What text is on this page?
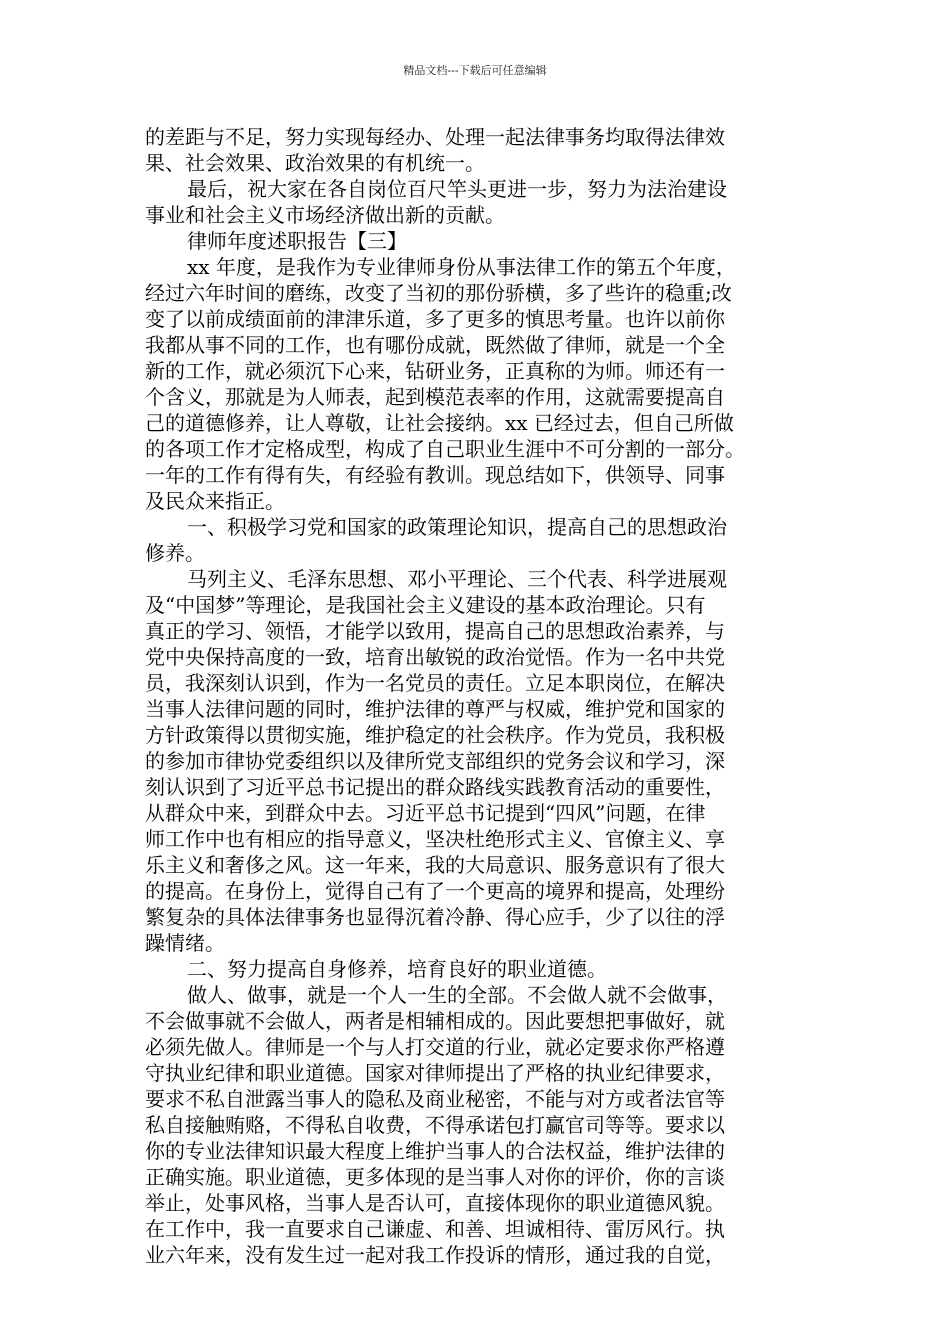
精品文档---下载后可任意编辑
的差距与不足，努力实现每经办、处理一起法律事务均取得法律效
果、社会效果、政治效果的有机统一。
最后，祝大家在各自岗位百尺竿头更进一步，努力为法治建设
事业和社会主义市场经济做出新的贡献。
律师年度述职报告【三】
xx 年度，是我作为专业律师身份从事法律工作的第五个年度，
经过六年时间的磨练，改变了当初的那份骄横，多了些许的稳重;改
变了以前成绩面前的津津乐道，多了更多的慎思考量。也许以前你
我都从事不同的工作，也有哪份成就，既然做了律师，就是一个全
新的工作，就必须沉下心来，钻研业务，正真称的为师。师还有一
个含义，那就是为人师表，起到模范表率的作用，这就需要提高自
己的道德修养，让人尊敬，让社会接纳。xx 已经过去，但自己所做
的各项工作才定格成型，构成了自己职业生涯中不可分割的一部分。
一年的工作有得有失，有经验有教训。现总结如下，供领导、同事
及民众来指正。
一、积极学习党和国家的政策理论知识，提高自己的思想政治
修养。
马列主义、毛泽东思想、邓小平理论、三个代表、科学进展观
及“中国梦”等理论，是我国社会主义建设的基本政治理论。只有
真正的学习、领悟，才能学以致用，提高自己的思想政治素养，与
党中央保持高度的一致，培育出敏锐的政治觉悟。作为一名中共党
员，我深刻认识到，作为一名党员的责任。立足本职岗位，在解决
当事人法律问题的同时，维护法律的尊严与权威，维护党和国家的
方针政策得以贯彻实施，维护稳定的社会秩序。作为党员，我积极
的参加市律协党委组织以及律所党支部组织的党务会议和学习，深
刻认识到了习近平总书记提出的群众路线实践教育活动的重要性，
从群众中来，到群众中去。习近平总书记提到“四风”问题，在律
师工作中也有相应的指导意义，坚决杜绝形式主义、官僚主义、享
乐主义和奢侈之风。这一年来，我的大局意识、服务意识有了很大
的提高。在身份上，觉得自己有了一个更高的境界和提高，处理纷
繁复杂的具体法律事务也显得沉着冷静、得心应手，少了以往的浮
躁情绪。
二、努力提高自身修养，培育良好的职业道德。
做人、做事，就是一个人一生的全部。不会做人就不会做事，
不会做事就不会做人，两者是相辅相成的。因此要想把事做好，就
必须先做人。律师是一个与人打交道的行业，就必定要求你严格遵
守执业纪律和职业道德。国家对律师提出了严格的执业纪律要求，
要求不私自泄露当事人的隐私及商业秘密，不能与对方或者法官等
私自接触贿赂，不得私自收费，不得承诺包打赢官司等等。要求以
你的专业法律知识最大程度上维护当事人的合法权益，维护法律的
正确实施。职业道德，更多体现的是当事人对你的评价，你的言谈
举止，处事风格，当事人是否认可，直接体现你的职业道德风貌。
在工作中，我一直要求自己谦虚、和善、坦诚相待、雷厉风行。执
业六年来，没有发生过一起对我工作投诉的情形，通过我的自觉，
